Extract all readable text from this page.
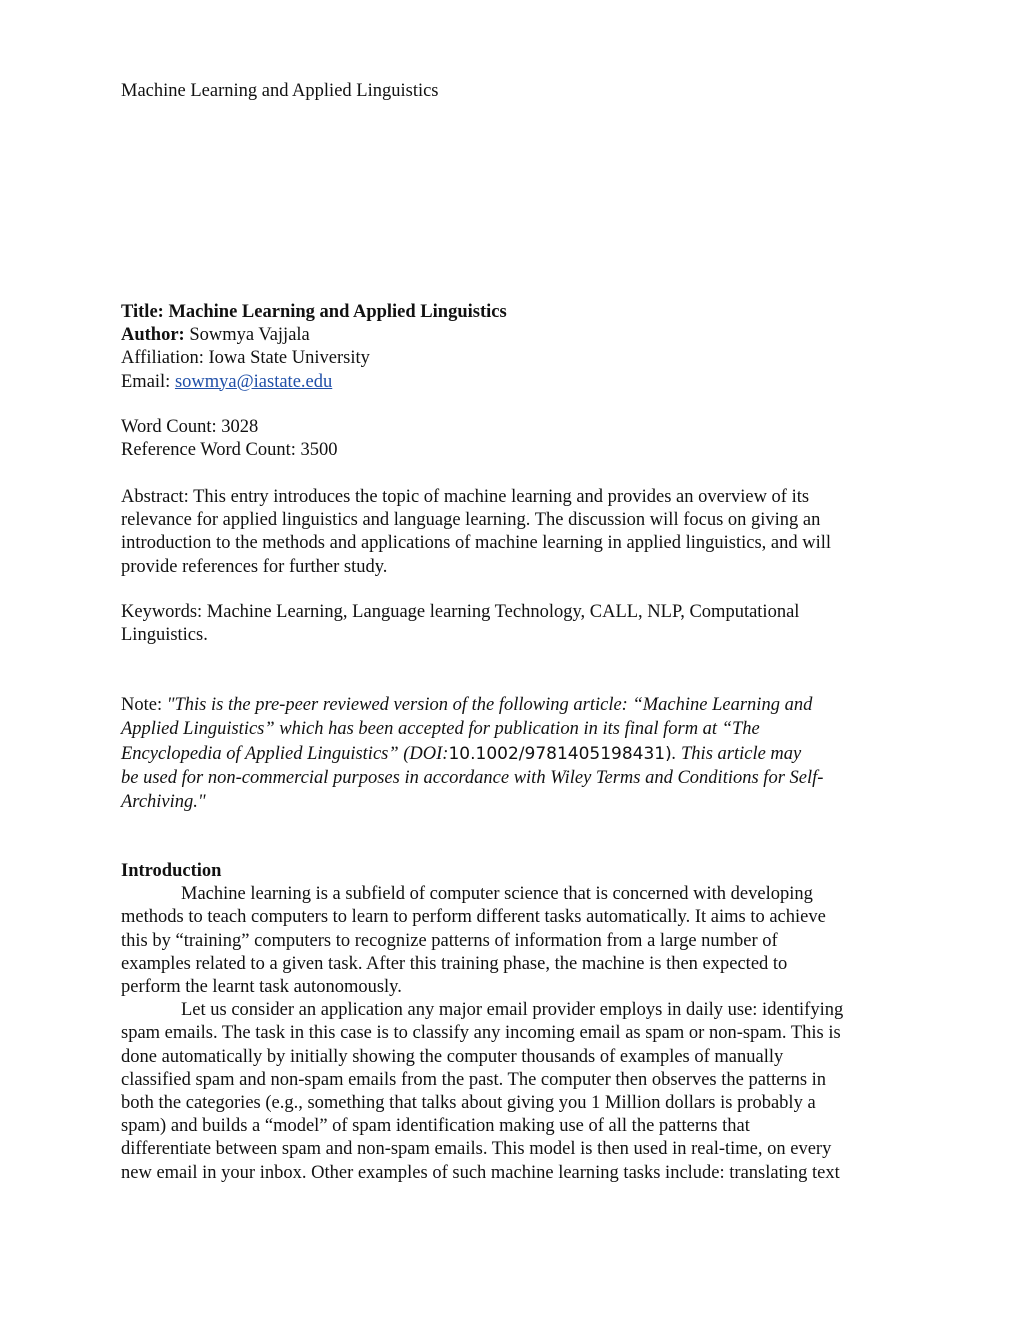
Machine Learning and Applied Linguistics
Title: Machine Learning and Applied Linguistics
Author: Sowmya Vajjala
Affiliation: Iowa State University
Email: sowmya@iastate.edu
Word Count: 3028
Reference Word Count: 3500
Abstract: This entry introduces the topic of machine learning and provides an overview of its
relevance for applied linguistics and language learning. The discussion will focus on giving an
introduction to the methods and applications of machine learning in applied linguistics, and will
provide references for further study.
Keywords: Machine Learning, Language learning Technology, CALL, NLP, Computational
Linguistics.
Note: "This is the pre-peer reviewed version of the following article: “Machine Learning and
Applied Linguistics” which has been accepted for publication in its final form at “The
Encyclopedia of Applied Linguistics” (DOI:10.1002/9781405198431). This article may
be used for non-commercial purposes in accordance with Wiley Terms and Conditions for Self-
Archiving."
Introduction
Machine learning is a subfield of computer science that is concerned with developing
methods to teach computers to learn to perform different tasks automatically. It aims to achieve
this by “training” computers to recognize patterns of information from a large number of
examples related to a given task. After this training phase, the machine is then expected to
perform the learnt task autonomously.
Let us consider an application any major email provider employs in daily use: identifying
spam emails. The task in this case is to classify any incoming email as spam or non-spam. This is
done automatically by initially showing the computer thousands of examples of manually
classified spam and non-spam emails from the past. The computer then observes the patterns in
both the categories (e.g., something that talks about giving you 1 Million dollars is probably a
spam) and builds a “model” of spam identification making use of all the patterns that
differentiate between spam and non-spam emails. This model is then used in real-time, on every
new email in your inbox. Other examples of such machine learning tasks include: translating text
